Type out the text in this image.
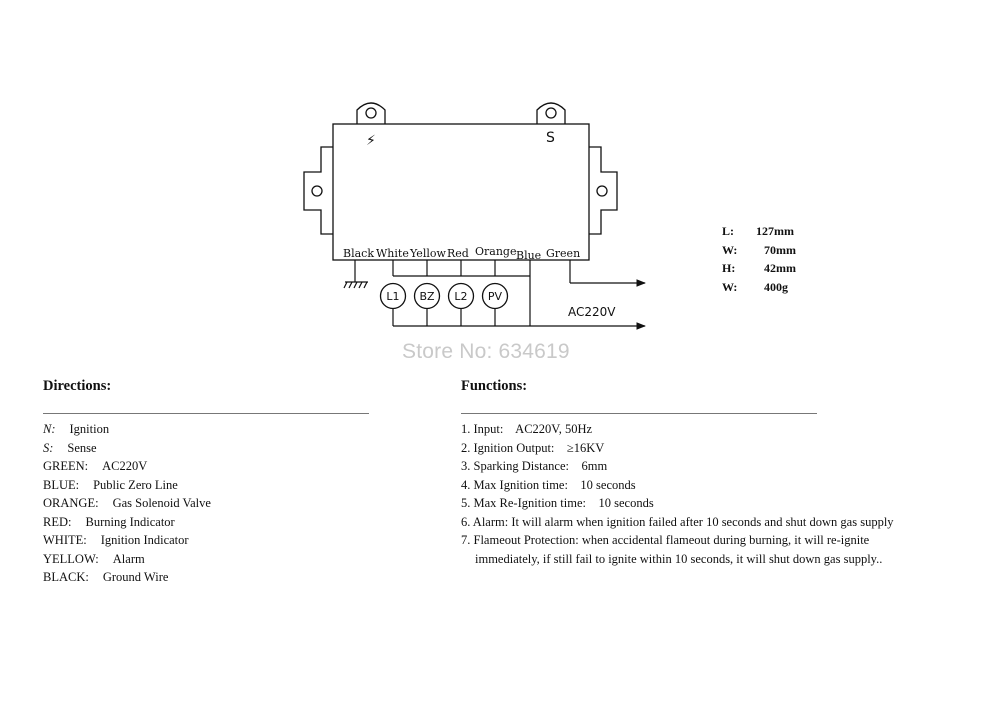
⚡	S
Black White Yellow Red Orange Blue Green
L1 BZ L2 PV
AC220V
L:	127mm
W:	70mm
H:	42mm
W:	400g
Store No: 634619
Directions:
N: Ignition
S: Sense
GREEN: AC220V
BLUE: Public Zero Line
ORANGE: Gas Solenoid Valve
RED: Burning Indicator
WHITE: Ignition Indicator
YELLOW: Alarm
BLACK: Ground Wire
Functions:
1. Input:    AC220V, 50Hz
2. Ignition Output:    ≥16KV
3. Sparking Distance:    6mm
4. Max Ignition time:    10 seconds
5. Max Re-Ignition time:    10 seconds
6. Alarm: It will alarm when ignition failed after 10 seconds and shut down gas supply
7. Flameout Protection: when accidental flameout during burning, it will re-ignite
immediately, if still fail to ignite within 10 seconds, it will shut down gas supply..
